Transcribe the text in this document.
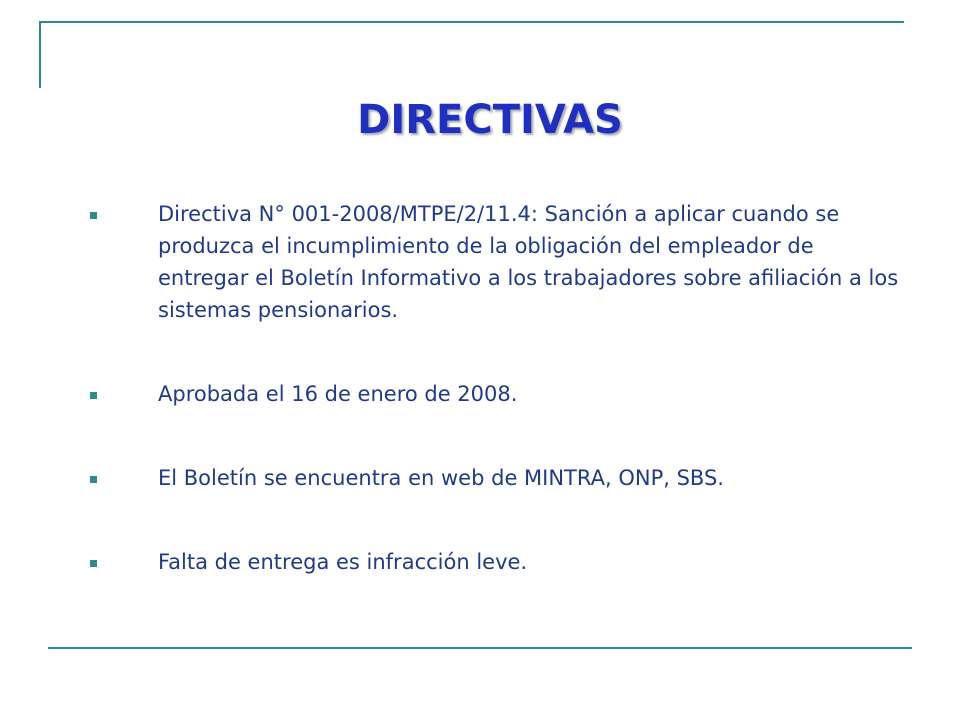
DIRECTIVAS
Directiva N° 001-2008/MTPE/2/11.4: Sanción a aplicar cuando se produzca el incumplimiento de la obligación del empleador de entregar el Boletín Informativo a los trabajadores sobre afiliación a los sistemas pensionarios.
Aprobada el 16 de enero de 2008.
El Boletín se encuentra en web de MINTRA, ONP, SBS.
Falta de entrega es infracción leve.
